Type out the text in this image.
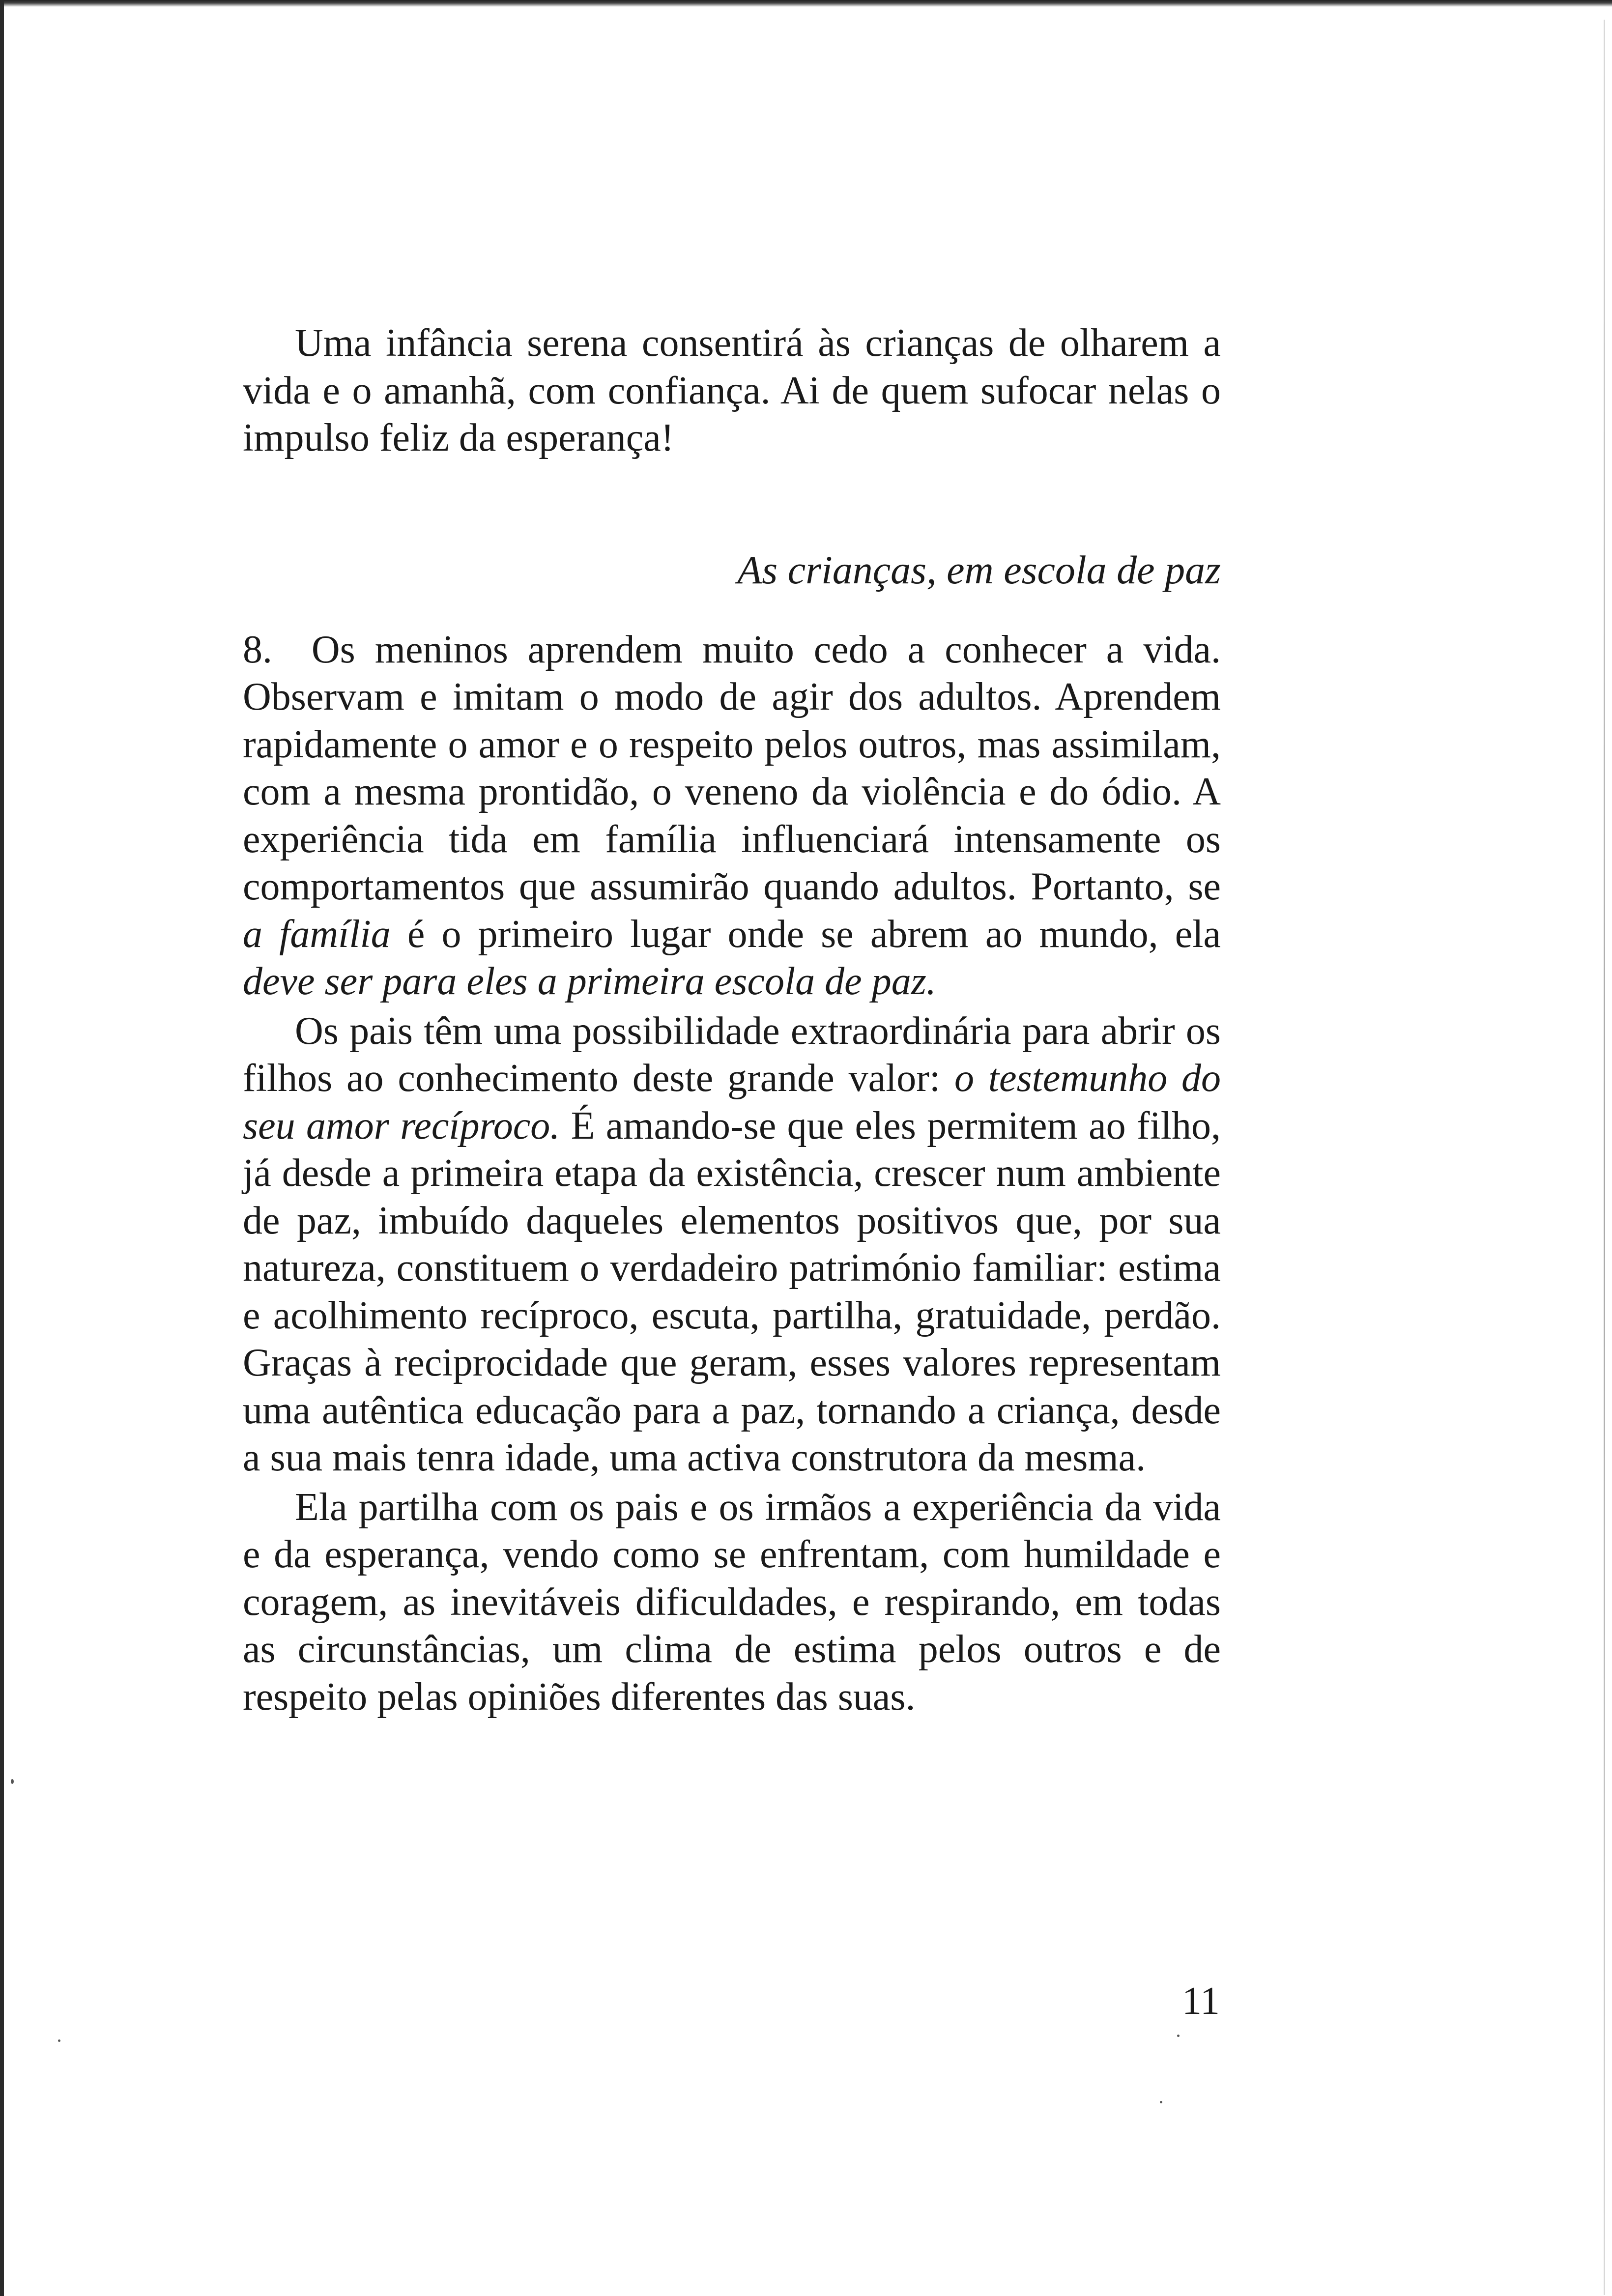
Uma infância serena consentirá às crianças de olharem a vida e o amanhã, com confiança. Ai de quem sufocar nelas o impulso feliz da esperança!

As crianças, em escola de paz

8. Os meninos aprendem muito cedo a conhecer a vida. Observam e imitam o modo de agir dos adultos. Aprendem rapidamente o amor e o respeito pelos outros, mas assimilam, com a mesma prontidão, o veneno da violência e do ódio. A experiência tida em família influenciará intensamente os comportamentos que assumirão quando adultos. Portanto, se a família é o primeiro lugar onde se abrem ao mundo, ela deve ser para eles a primeira escola de paz.

Os pais têm uma possibilidade extraordinária para abrir os filhos ao conhecimento deste grande valor: o testemunho do seu amor recíproco. É amando-se que eles permitem ao filho, já desde a primeira etapa da existência, crescer num ambiente de paz, imbuído daqueles elementos positivos que, por sua natureza, constituem o verdadeiro património familiar: estima e acolhimento recíproco, escuta, partilha, gratuidade, perdão. Graças à reciprocidade que geram, esses valores representam uma autêntica educação para a paz, tornando a criança, desde a sua mais tenra idade, uma activa construtora da mesma.

Ela partilha com os pais e os irmãos a experiência da vida e da esperança, vendo como se enfrentam, com humildade e coragem, as inevitáveis dificuldades, e respirando, em todas as circunstâncias, um clima de estima pelos outros e de respeito pelas opiniões diferentes das suas.

11
